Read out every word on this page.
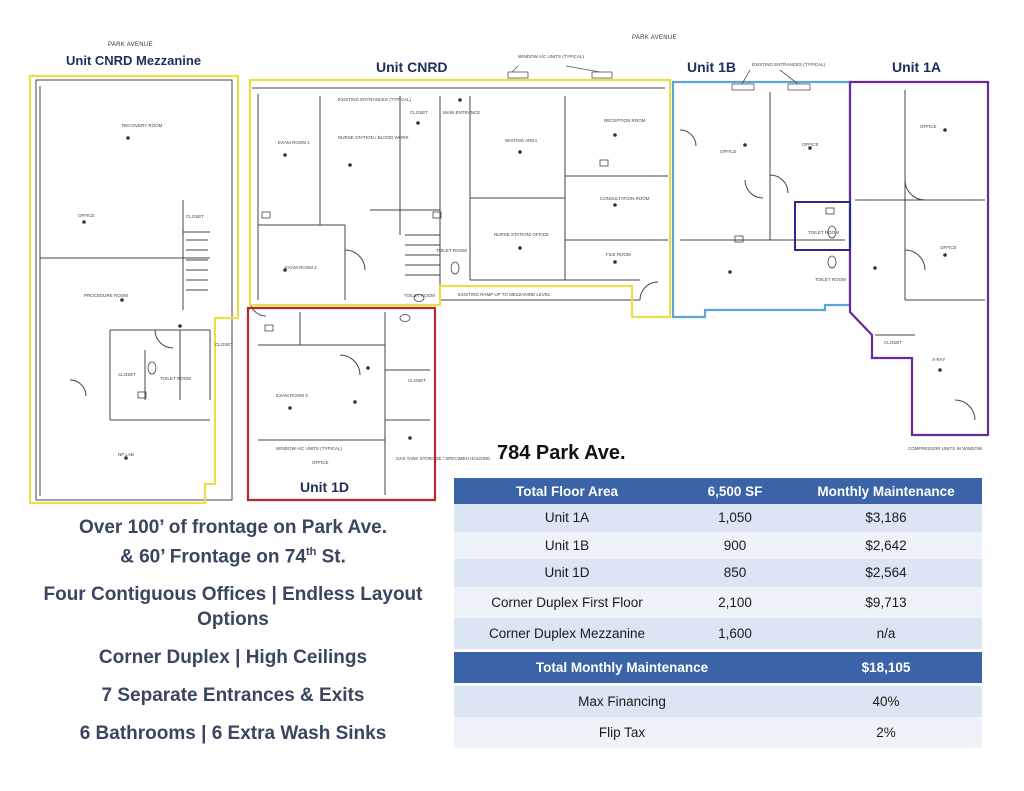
PARK AVENUE
PARK AVENUE
Unit CNRD Mezzanine	Unit CNRD	Unit 1B	Unit 1A
Unit 1D
RECOVERY ROOM
OFFICE	CLOSET
PROCEDURE ROOM
CLOSET
CLOSET
TOILET ROOM
NP LAB
EXAM ROOM 1
NURSE STATION / BLOOD WORK
CLOSET	MAIN ENTRANCE
EXISTING ENTRANCES (TYPICAL)
WINDOW A/C UNITS (TYPICAL)
WAITING AREA
RECEPTION ROOM
CONSULTATION ROOM
EXAM ROOM 2
NURSE STATION/ OFFICE
FILE ROOM
TOILET ROOM
TOILET ROOM	EXISTING RAMP UP TO MEZZANINE LEVEL
EXISTING ENTRANCES (TYPICAL)
OFFICE
OFFICE
TOILET ROOM
TOILET ROOM
OFFICE
OFFICE
CLOSET
X-RAY
COMPRESSOR UNITS IN WINDOW
EXAM ROOM 3
WINDOW A/C UNITS (TYPICAL)
OFFICE
CLOSET
GAS TANK STORAGE / SPECIMEN HOLDING 784 Park Ave.
Over 100’ of frontage on Park Ave.
& 60’ Frontage on 74th St.
Four Contiguous Offices | Endless Layout
Options
Corner Duplex | High Ceilings
7 Separate Entrances & Exits
6 Bathrooms | 6 Extra Wash Sinks
Total Floor Area	6,500 SF	Monthly Maintenance
Unit 1A	1,050	$3,186
Unit 1B	900	$2,642
Unit 1D	850	$2,564
Corner Duplex First Floor	2,100	$9,713
Corner Duplex Mezzanine	1,600	n/a

Total Monthly Maintenance		$18,105

Max Financing		40%
Flip Tax		2%
